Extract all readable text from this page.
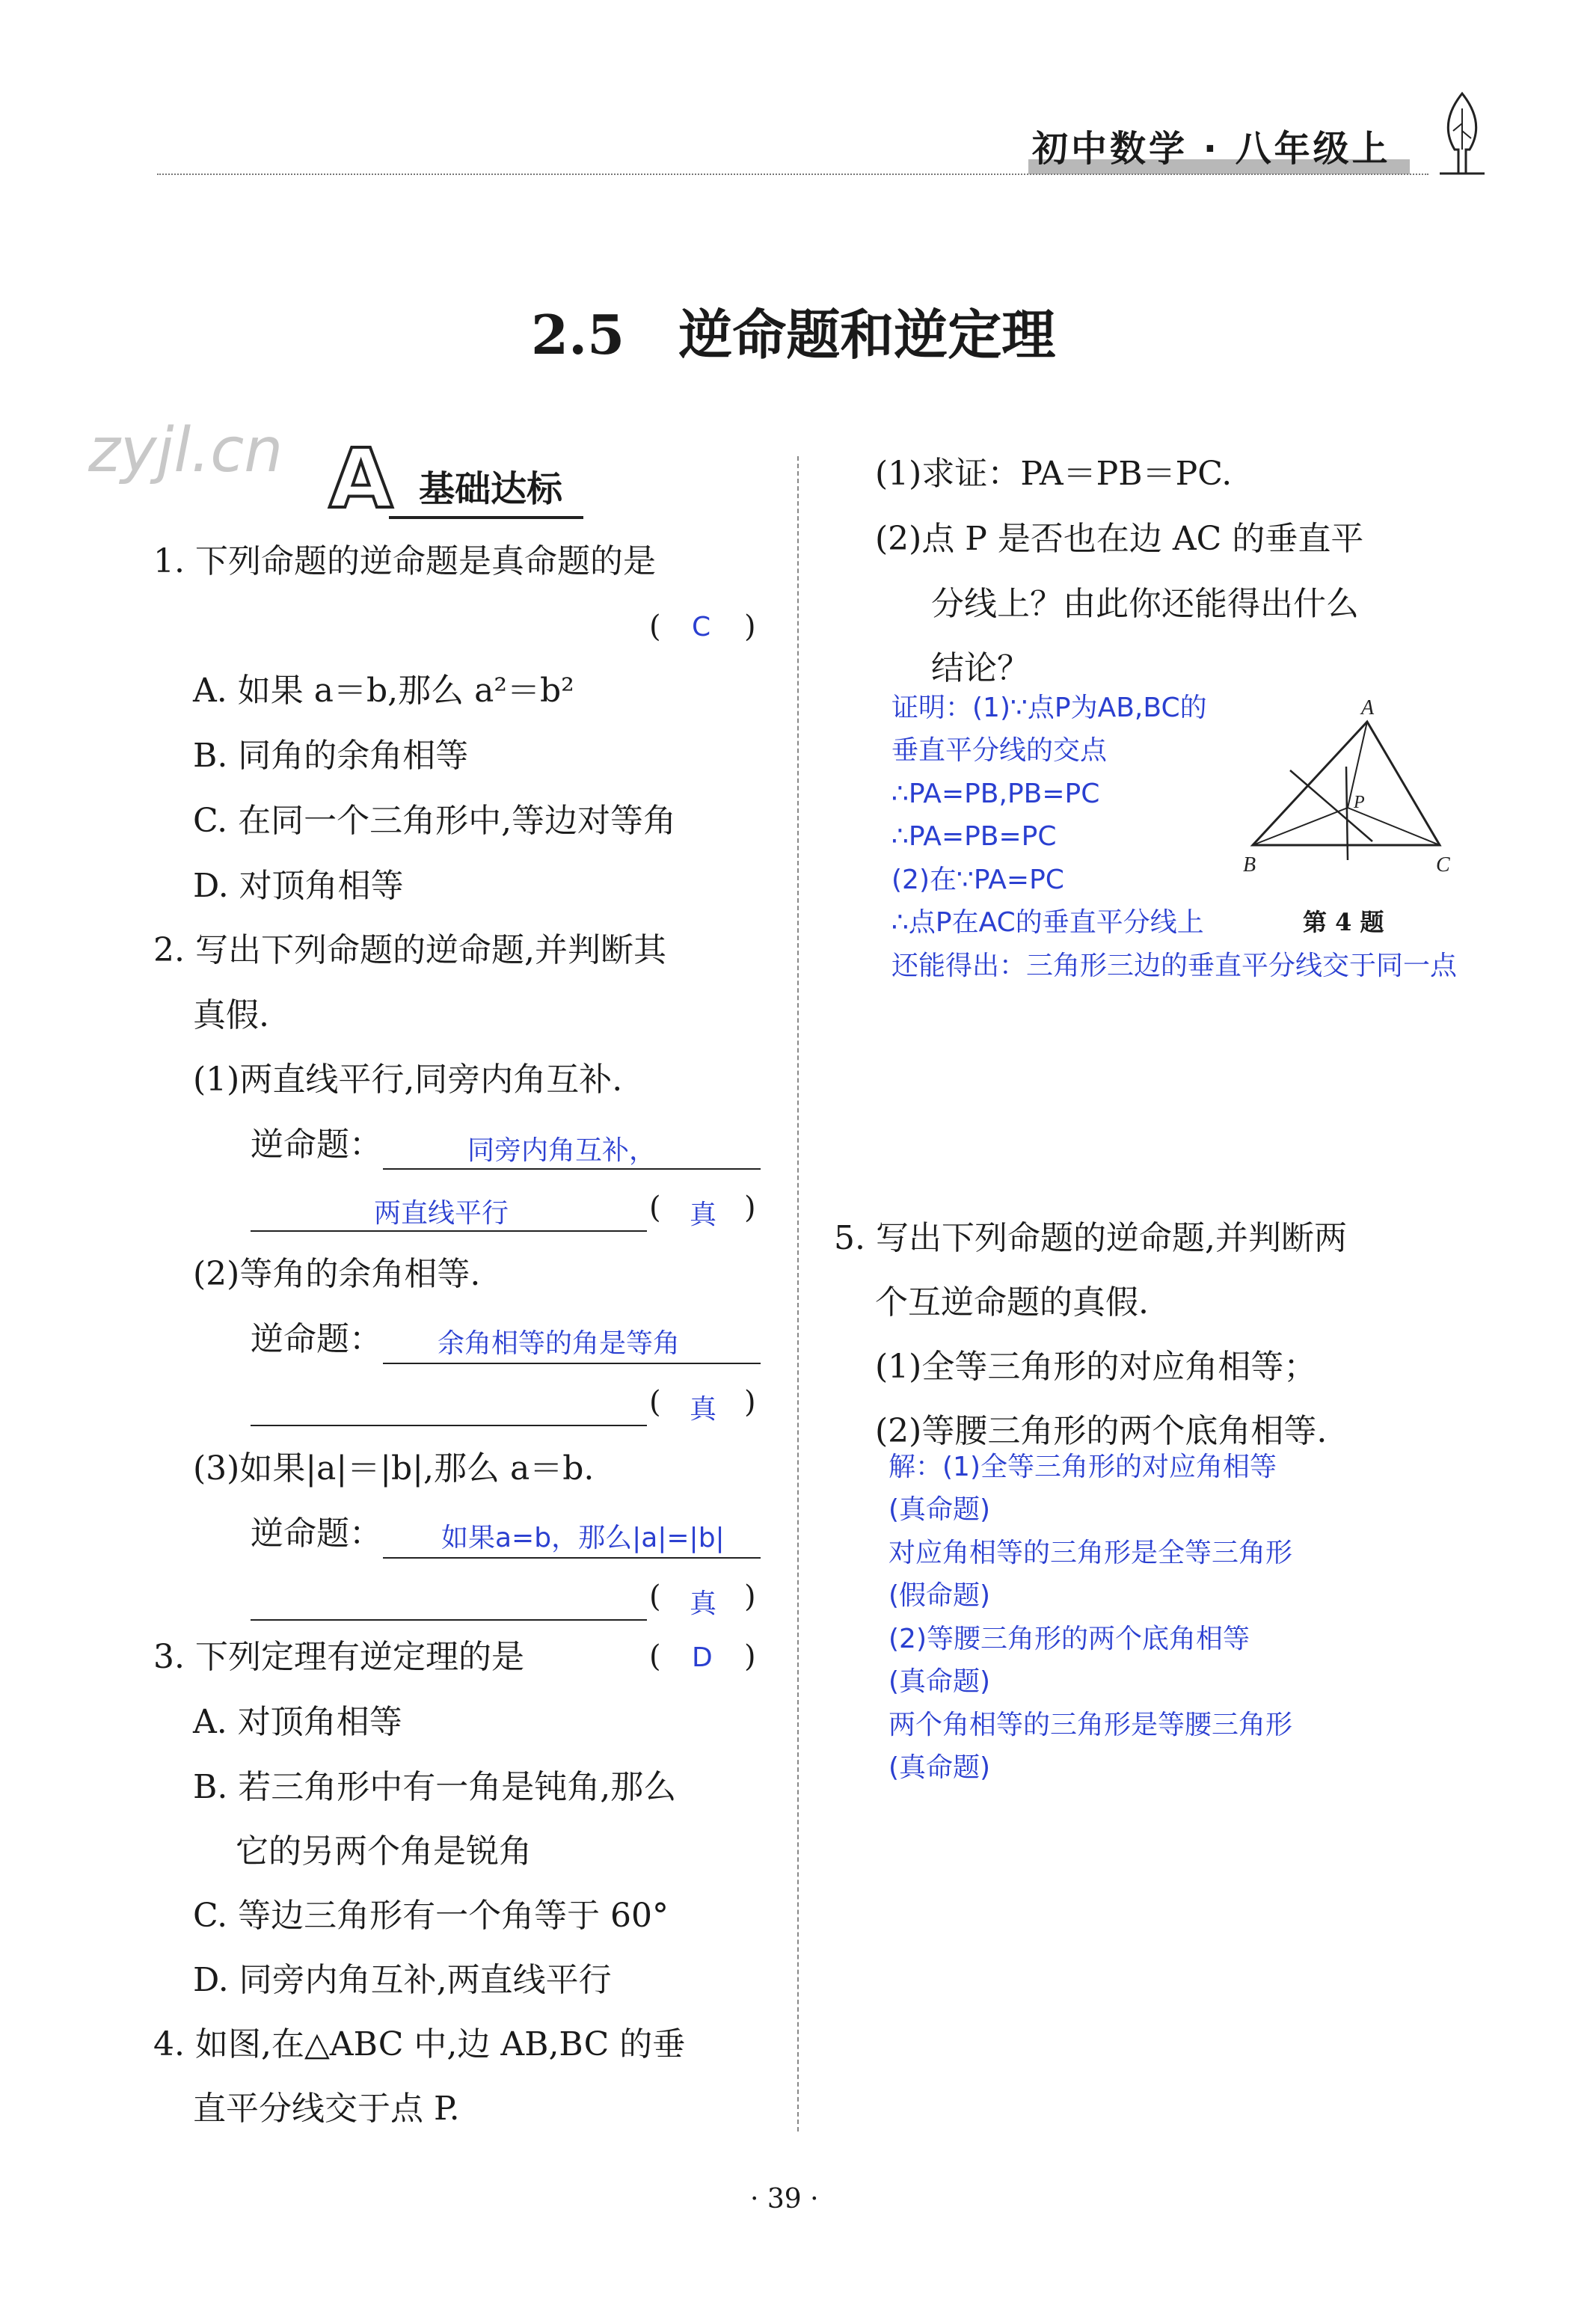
初中数学 · 八年级上
2.5　逆命题和逆定理
zyjl.cn A 基础达标
1. 下列命题的逆命题是真命题的是
( C )
A. 如果 a＝b,那么 a²＝b²
B. 同角的余角相等
C. 在同一个三角形中,等边对等角
D. 对顶角相等
2. 写出下列命题的逆命题,并判断其
真假.
(1)两直线平行,同旁内角互补.
逆命题：	同旁内角互补，
两直线平行	( 真 )
(2)等角的余角相等.
逆命题： 余角相等的角是等角
( 真 )
(3)如果|a|＝|b|,那么 a＝b.
逆命题： 如果a=b，那么|a|=|b|
( 真 )
3. 下列定理有逆定理的是	( D )
A. 对顶角相等
B. 若三角形中有一角是钝角,那么
它的另两个角是锐角
C. 等边三角形有一个角等于 60°
D. 同旁内角互补,两直线平行
4. 如图,在△ABC 中,边 AB,BC 的垂
直平分线交于点 P.
(1)求证：PA＝PB＝PC.
(2)点 P 是否也在边 AC 的垂直平
分线上？由此你还能得出什么
结论？
证明：(1)∵点P为AB,BC的
垂直平分线的交点
∴PA=PB,PB=PC
∴PA=PB=PC
(2)在∵PA=PC
∴点P在AC的垂直平分线上
还能得出：三角形三边的垂直平分线交于同一点
A
B	C
P
第 4 题
5. 写出下列命题的逆命题,并判断两
个互逆命题的真假.
(1)全等三角形的对应角相等；
(2)等腰三角形的两个底角相等.
解：(1)全等三角形的对应角相等
(真命题)
对应角相等的三角形是全等三角形
(假命题)
(2)等腰三角形的两个底角相等
(真命题)
两个角相等的三角形是等腰三角形
(真命题)
· 39 ·
